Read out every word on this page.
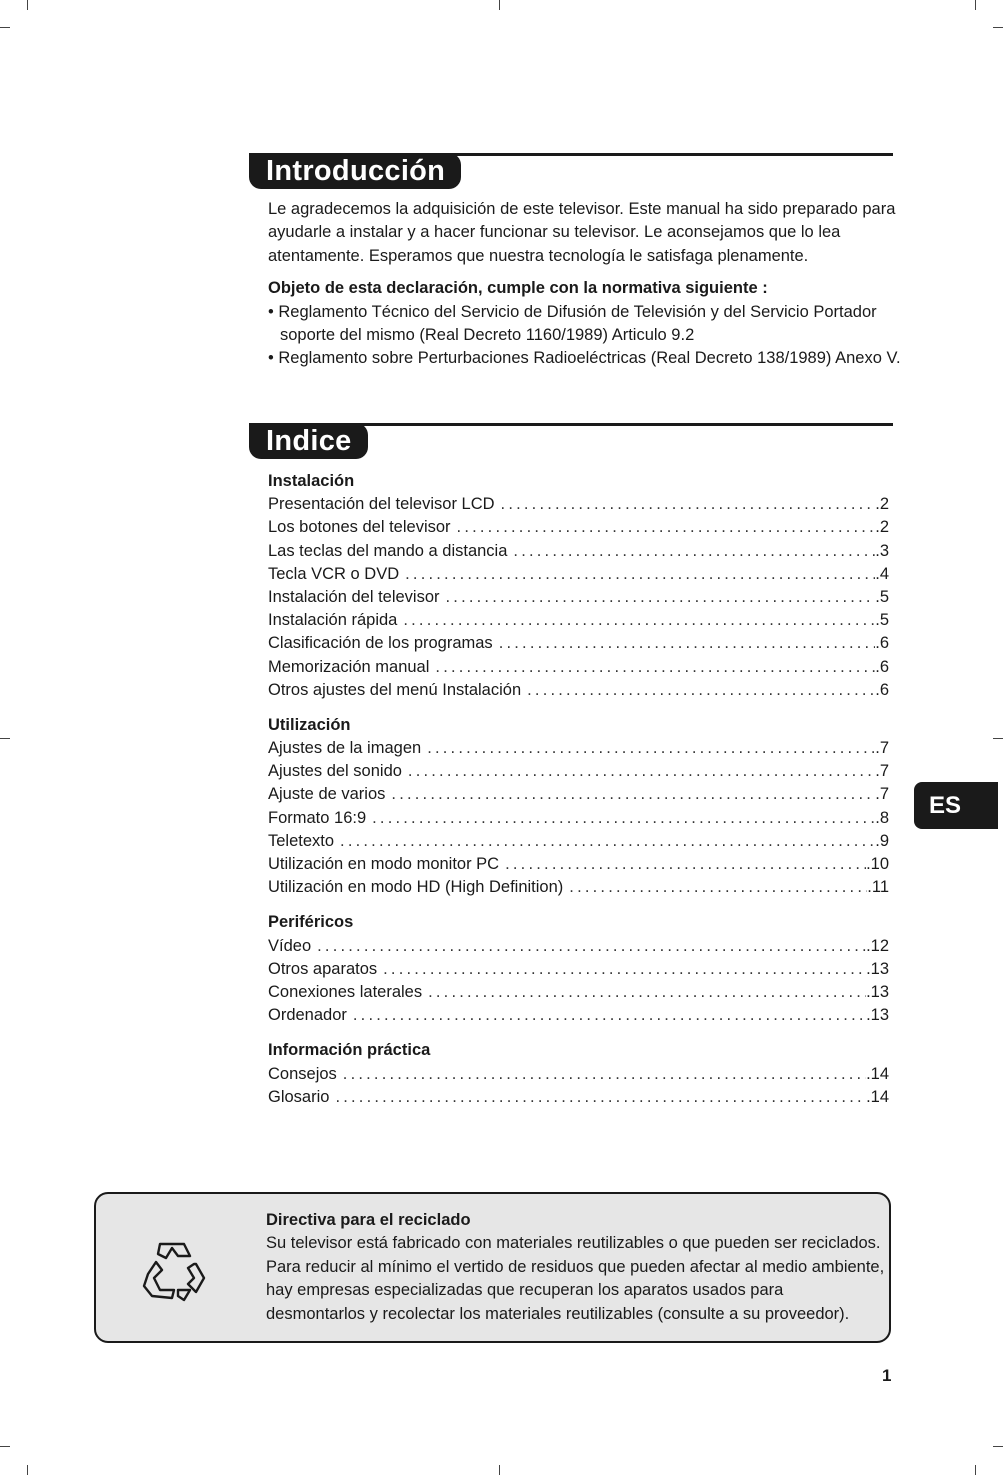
Introducción

Le agradecemos la adquisición de este televisor. Este manual ha sido preparado para ayudarle a instalar y a hacer funcionar su televisor. Le aconsejamos que lo lea atentamente. Esperamos que nuestra tecnología le satisfaga plenamente.

Objeto de esta declaración, cumple con la normativa siguiente :

• Reglamento Técnico del Servicio de Difusión de Televisión y del Servicio Portador soporte del mismo (Real Decreto 1160/1989) Articulo 9.2

• Reglamento sobre Perturbaciones Radioeléctricas (Real Decreto 138/1989) Anexo V.

Indice
Instalación
Presentación del televisor LCD .....	.2
Los botones del televisor .....	.2
Las teclas del mando a distancia .....	.3
Tecla VCR o DVD .....	.4
Instalación del televisor .....	.5
Instalación rápida .....	.5
Clasificación de los programas .....	.6
Memorización manual .....	.6
Otros ajustes del menú Instalación .....	.6
Utilización
Ajustes de la imagen .....	.7
Ajustes del sonido .....	.7
Ajuste de varios .....	.7
Formato 16:9 .....	.8
Teletexto .....	.9
Utilización en modo monitor PC .....	.10
Utilización en modo HD (High Definition) .....	.11
Periféricos
Vídeo .....	.12
Otros aparatos .....	.13
Conexiones laterales .....	.13
Ordenador .....	.13
Información práctica
Consejos .....	.14
Glosario .....	.14
ES

Directiva para el reciclado

Su televisor está fabricado con materiales reutilizables o que pueden ser reciclados. Para reducir al mínimo el vertido de residuos que pueden afectar al medio ambiente, hay empresas especializadas que recuperan los aparatos usados para desmontarlos y recolectar los materiales reutilizables (consulte a su proveedor).

1
